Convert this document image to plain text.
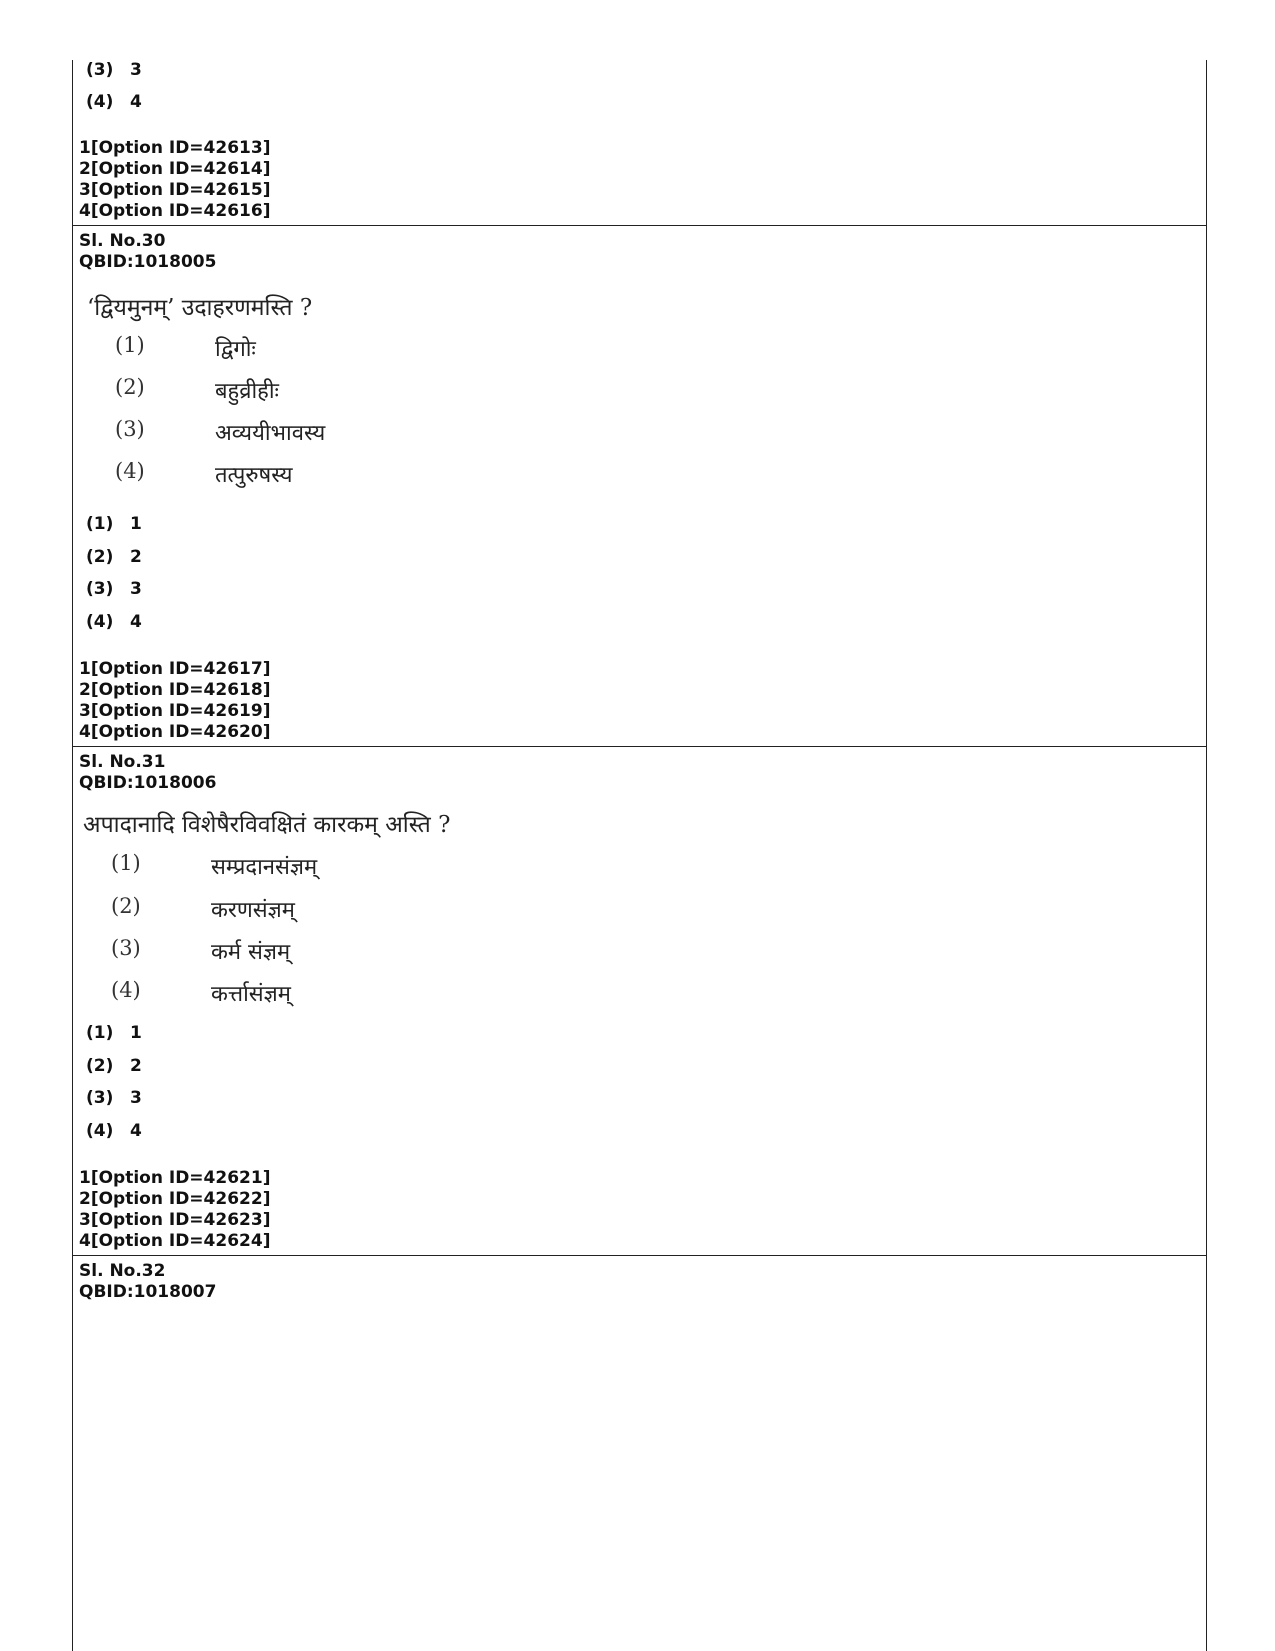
(3) 3
(4) 4
1[Option ID=42613]
2[Option ID=42614]
3[Option ID=42615]
4[Option ID=42616]
Sl. No.30
QBID:1018005
‘द्वियमुनम्’ उदाहरणमस्ति ?
(1)	द्विगोः
(2)	बहुव्रीहीः
(3)	अव्ययीभावस्य
(4)	तत्पुरुषस्य
(1) 1
(2) 2
(3) 3
(4) 4
1[Option ID=42617]
2[Option ID=42618]
3[Option ID=42619]
4[Option ID=42620]
Sl. No.31
QBID:1018006
अपादानादि विशेषैरविवक्षितं कारकम् अस्ति ?
(1)	सम्प्रदानसंज्ञम्
(2)	करणसंज्ञम्
(3)	कर्म संज्ञम्
(4)	कर्त्तासंज्ञम्
(1) 1
(2) 2
(3) 3
(4) 4
1[Option ID=42621]
2[Option ID=42622]
3[Option ID=42623]
4[Option ID=42624]
Sl. No.32
QBID:1018007
